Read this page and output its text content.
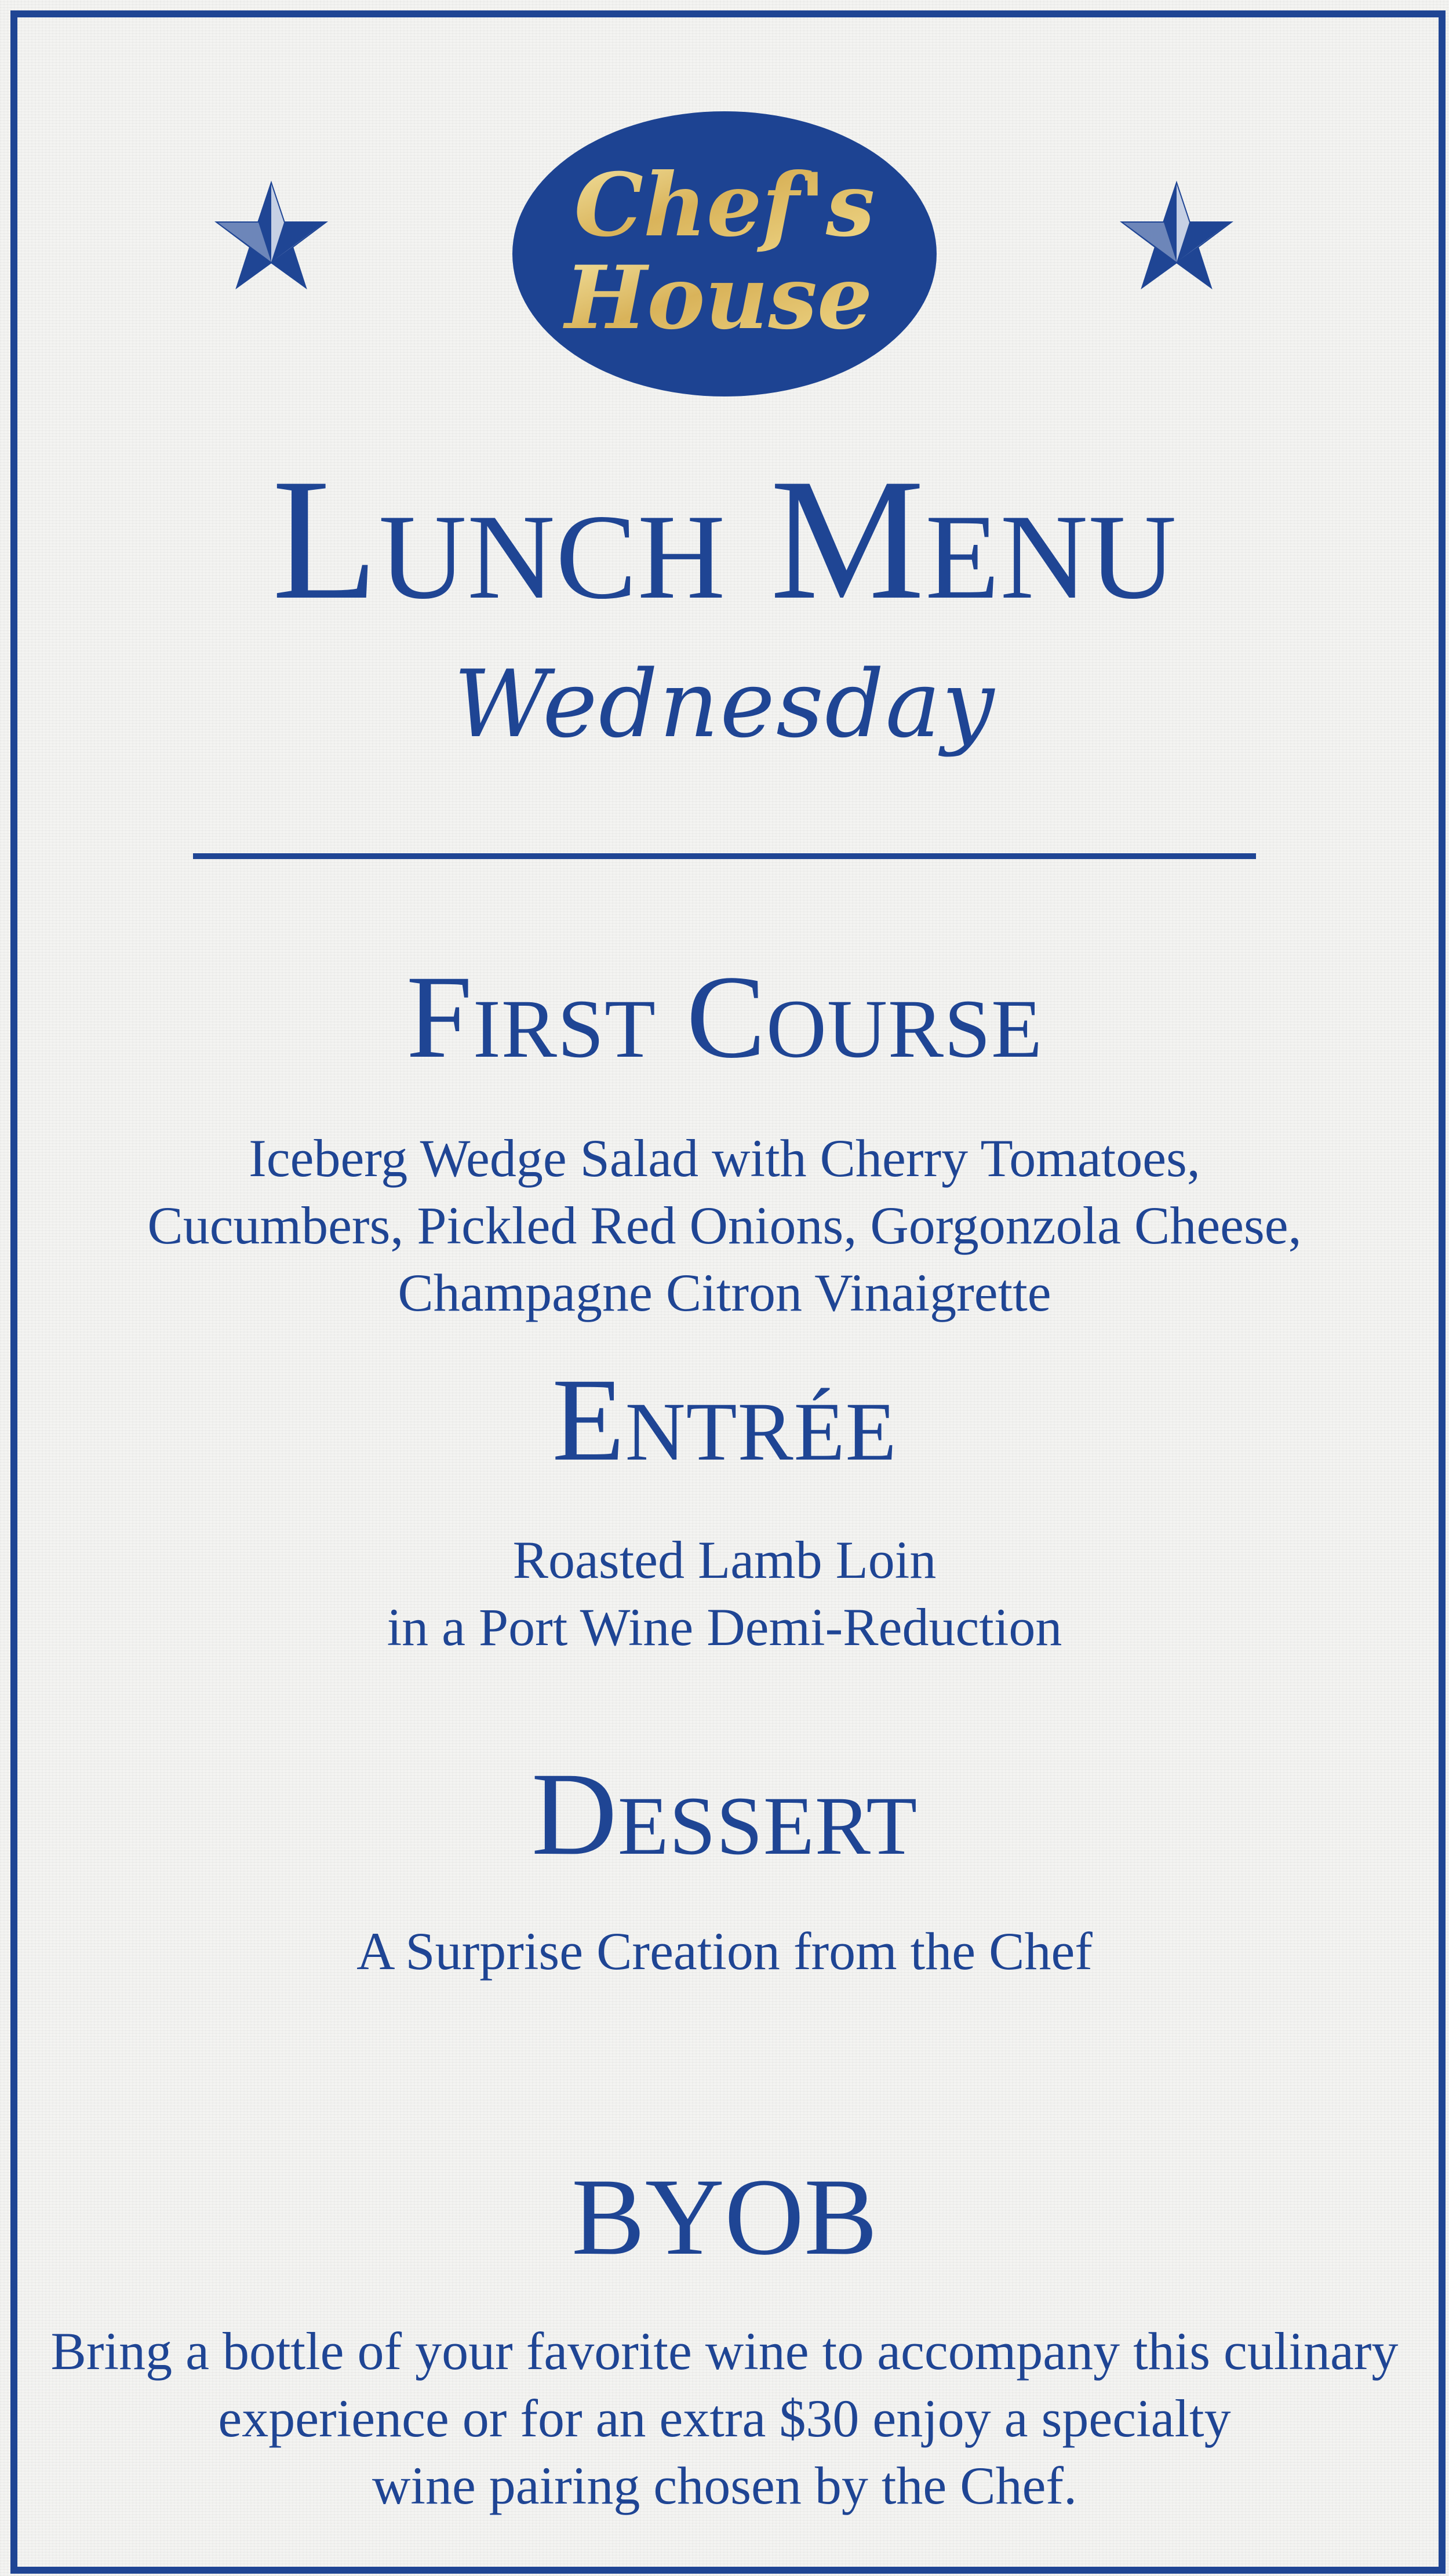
Chef's
House
Lunch Menu
Wednesday
First Course
Iceberg Wedge Salad with Cherry Tomatoes,
Cucumbers, Pickled Red Onions, Gorgonzola Cheese,
Champagne Citron Vinaigrette
Entrée
Roasted Lamb Loin
in a Port Wine Demi-Reduction
Dessert
A Surprise Creation from the Chef
BYOB
Bring a bottle of your favorite wine to accompany this culinary
experience or for an extra $30 enjoy a specialty
wine pairing chosen by the Chef.
